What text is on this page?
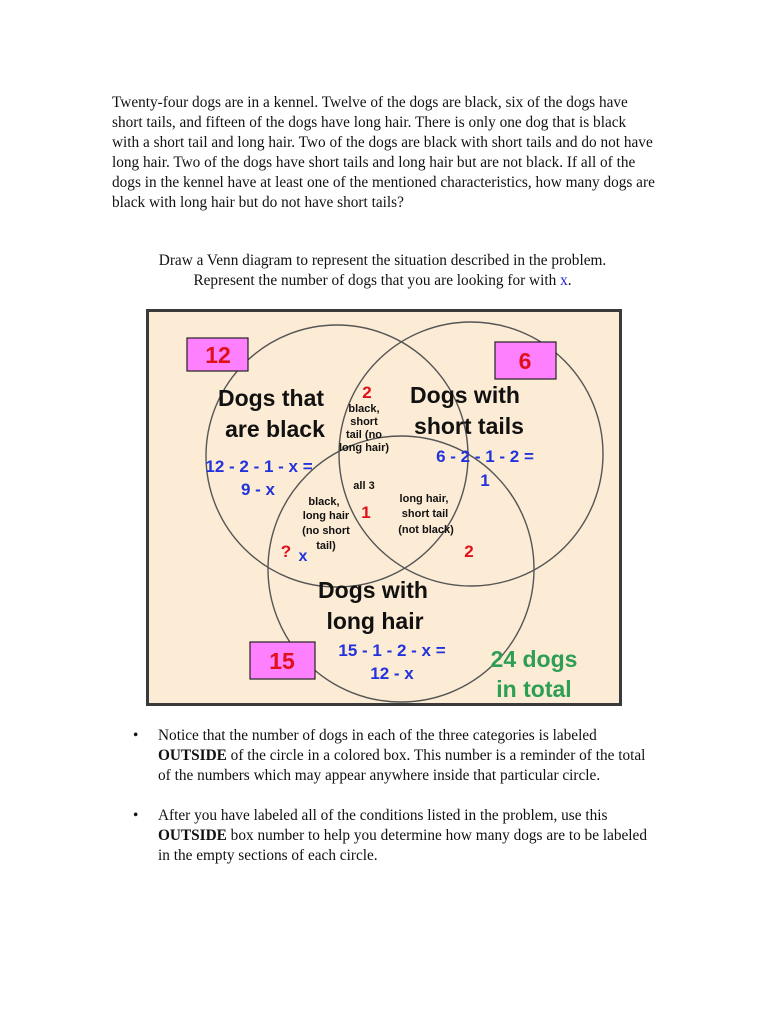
Twenty-four dogs are in a kennel. Twelve of the dogs are black, six of the dogs have short tails, and fifteen of the dogs have long hair. There is only one dog that is black with a short tail and long hair. Two of the dogs are black with short tails and do not have long hair. Two of the dogs have short tails and long hair but are not black. If all of the dogs in the kennel have at least one of the mentioned characteristics, how many dogs are black with long hair but do not have short tails?

Draw a Venn diagram to represent the situation described in the problem.

Represent the number of dogs that you are looking for with x.

12	6
15
Dogs that
are black
12 - 2 - 1 - x =
9 - x
Dogs with
short tails
6 - 2 - 1 - 2 =
1
Dogs with
long hair
15 - 1 - 2 - x =
12 - x
2
black,
short
tail (no
long hair)
all 3
1
black,
long hair
(no short
tail)
? x
long hair,
short tail
(not black)
2
24 dogs
in total
• Notice that the number of dogs in each of the three categories is labeled OUTSIDE of the circle in a colored box. This number is a reminder of the total of the numbers which may appear anywhere inside that particular circle.
• After you have labeled all of the conditions listed in the problem, use this OUTSIDE box number to help you determine how many dogs are to be labeled in the empty sections of each circle.
